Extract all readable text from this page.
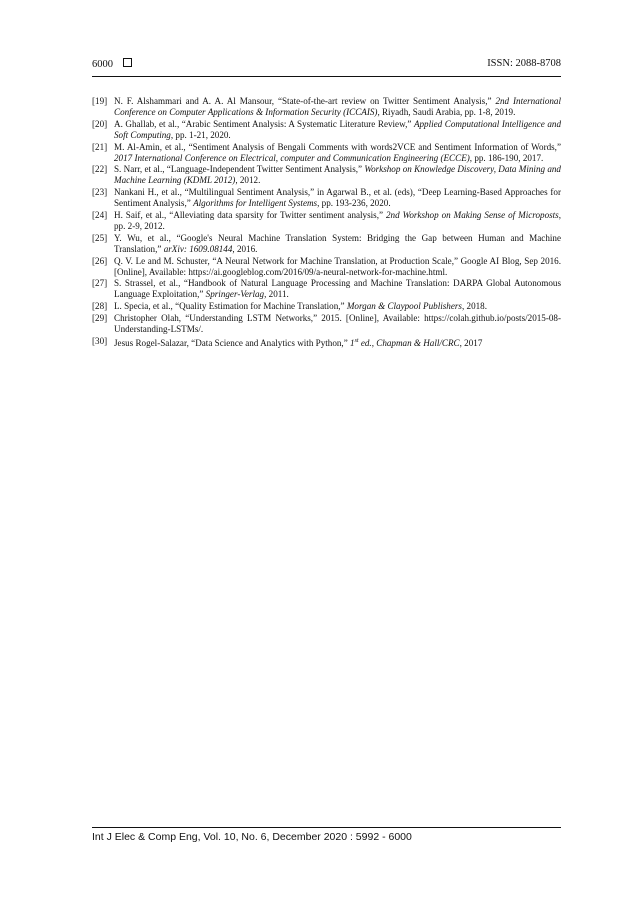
6000	ISSN: 2088-8708
[19] N. F. Alshammari and A. A. Al Mansour, “State-of-the-art review on Twitter Sentiment Analysis,” 2nd International Conference on Computer Applications & Information Security (ICCAIS), Riyadh, Saudi Arabia, pp. 1-8, 2019.
[20] A. Ghallab, et al., “Arabic Sentiment Analysis: A Systematic Literature Review,” Applied Computational Intelligence and Soft Computing, pp. 1-21, 2020.
[21] M. Al-Amin, et al., “Sentiment Analysis of Bengali Comments with words2VCE and Sentiment Information of Words,” 2017 International Conference on Electrical, computer and Communication Engineering (ECCE), pp. 186-190, 2017.
[22] S. Narr, et al., “Language-Independent Twitter Sentiment Analysis,” Workshop on Knowledge Discovery, Data Mining and Machine Learning (KDML 2012), 2012.
[23] Nankani H., et al., “Multilingual Sentiment Analysis,” in Agarwal B., et al. (eds), “Deep Learning-Based Approaches for Sentiment Analysis,” Algorithms for Intelligent Systems, pp. 193-236, 2020.
[24] H. Saif, et al., “Alleviating data sparsity for Twitter sentiment analysis,” 2nd Workshop on Making Sense of Microposts, pp. 2-9, 2012.
[25] Y. Wu, et al., “Google's Neural Machine Translation System: Bridging the Gap between Human and Machine Translation,” arXiv: 1609.08144, 2016.
[26] Q. V. Le and M. Schuster, “A Neural Network for Machine Translation, at Production Scale,” Google AI Blog, Sep 2016. [Online], Available: https://ai.googleblog.com/2016/09/a-neural-network-for-machine.html.
[27] S. Strassel, et al., “Handbook of Natural Language Processing and Machine Translation: DARPA Global Autonomous Language Exploitation,” Springer-Verlag, 2011.
[28] L. Specia, et al., “Quality Estimation for Machine Translation,” Morgan & Claypool Publishers, 2018.
[29] Christopher Olah, “Understanding LSTM Networks,” 2015. [Online], Available: https://colah.github.io/posts/2015-08-Understanding-LSTMs/.
[30] Jesus Rogel-Salazar, “Data Science and Analytics with Python,” 1st ed., Chapman & Hall/CRC, 2017
Int J Elec & Comp Eng, Vol. 10, No. 6, December 2020 : 5992 - 6000
